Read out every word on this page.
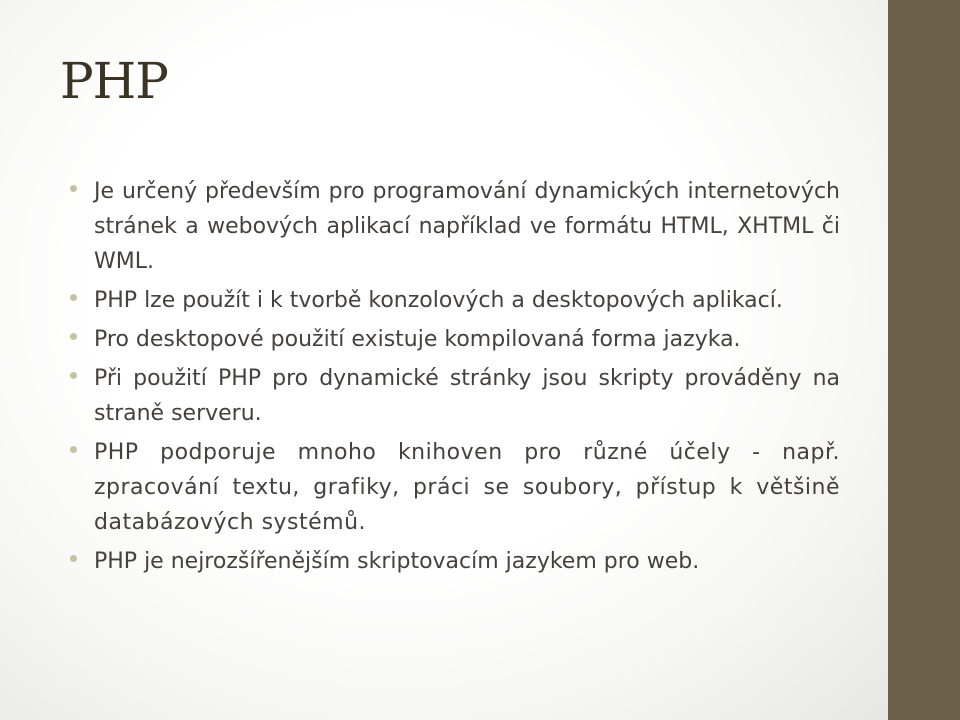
PHP
Je určený především pro programování dynamických internetových stránek a webových aplikací například ve formátu HTML, XHTML či WML.
PHP lze použít i k tvorbě konzolových a desktopových aplikací.
Pro desktopové použití existuje kompilovaná forma jazyka.
Při použití PHP pro dynamické stránky jsou skripty prováděny na straně serveru.
PHP podporuje mnoho knihoven pro různé účely - např. zpracování textu, grafiky, práci se soubory, přístup k většině databázových systémů.
PHP je nejrozšířenějším skriptovacím jazykem pro web.
